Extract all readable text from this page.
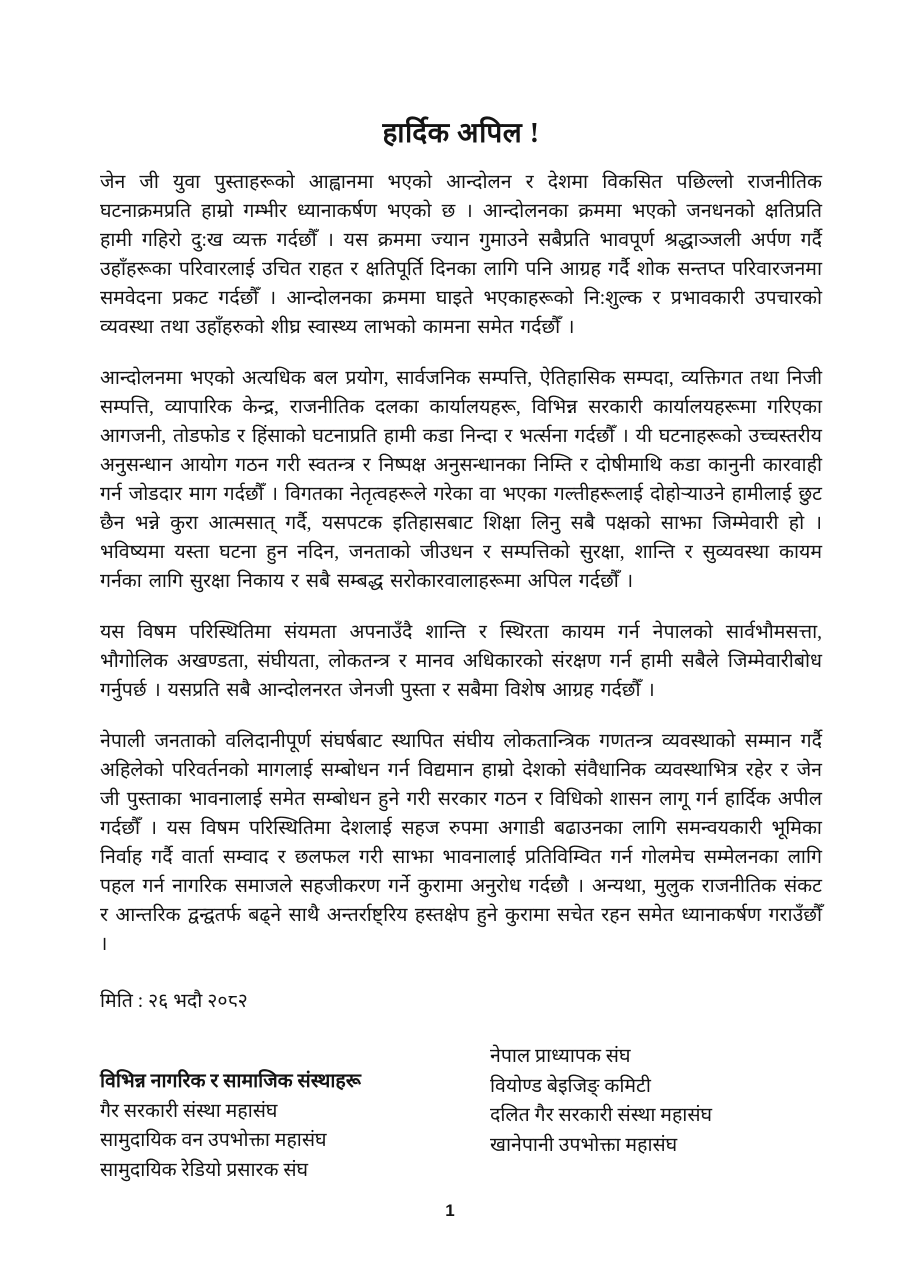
हार्दिक अपिल !

जेन जी युवा पुस्ताहरूको आह्वानमा भएको आन्दोलन र देशमा विकसित पछिल्लो राजनीतिक घटनाक्रमप्रति हाम्रो गम्भीर ध्यानाकर्षण भएको छ । आन्दोलनका क्रममा भएको जनधनको क्षतिप्रति हामी गहिरो दु:ख व्यक्त गर्दछौँ । यस क्रममा ज्यान गुमाउने सबैप्रति भावपूर्ण श्रद्धाञ्जली अर्पण गर्दै उहाँहरूका परिवारलाई उचित राहत र क्षतिपूर्ति दिनका लागि पनि आग्रह गर्दै शोक सन्तप्त परिवारजनमा समवेदना प्रकट गर्दछौँ । आन्दोलनका क्रममा घाइते भएकाहरूको नि:शुल्क र प्रभावकारी उपचारको व्यवस्था तथा उहाँहरुको शीघ्र स्वास्थ्य लाभको कामना समेत गर्दछौँ ।

आन्दोलनमा भएको अत्यधिक बल प्रयोग, सार्वजनिक सम्पत्ति, ऐतिहासिक सम्पदा, व्यक्तिगत तथा निजी सम्पत्ति, व्यापारिक केन्द्र, राजनीतिक दलका कार्यालयहरू, विभिन्न सरकारी कार्यालयहरूमा गरिएका आगजनी, तोडफोड र हिंसाको घटनाप्रति हामी कडा निन्दा र भर्त्सना गर्दछौँ । यी घटनाहरूको उच्चस्तरीय अनुसन्धान आयोग गठन गरी स्वतन्त्र र निष्पक्ष अनुसन्धानका निम्ति र दोषीमाथि कडा कानुनी कारवाही गर्न जोडदार माग गर्दछौँ । विगतका नेतृत्वहरूले गरेका वा भएका गल्तीहरूलाई दोहोऱ्याउने हामीलाई छुट छैन भन्ने कुरा आत्मसात् गर्दै, यसपटक इतिहासबाट शिक्षा लिनु सबै पक्षको साझा जिम्मेवारी हो । भविष्यमा यस्ता घटना हुन नदिन, जनताको जीउधन र सम्पत्तिको सुरक्षा, शान्ति र सुव्यवस्था कायम गर्नका लागि सुरक्षा निकाय र सबै सम्बद्ध सरोकारवालाहरूमा अपिल गर्दछौँ ।

यस विषम परिस्थितिमा संयमता अपनाउँदै शान्ति र स्थिरता कायम गर्न नेपालको सार्वभौमसत्ता, भौगोलिक अखण्डता, संघीयता, लोकतन्त्र र मानव अधिकारको संरक्षण गर्न हामी सबैले जिम्मेवारीबोध गर्नुपर्छ । यसप्रति सबै आन्दोलनरत जेनजी पुस्ता र सबैमा विशेष आग्रह गर्दछौँ ।

नेपाली जनताको वलिदानीपूर्ण संघर्षबाट स्थापित संघीय लोकतान्त्रिक गणतन्त्र व्यवस्थाको सम्मान गर्दै अहिलेको परिवर्तनको मागलाई सम्बोधन गर्न विद्यमान हाम्रो देशको संवैधानिक व्यवस्थाभित्र रहेर र जेन जी पुस्ताका भावनालाई समेत सम्बोधन हुने गरी सरकार गठन र विधिको शासन लागू गर्न हार्दिक अपील गर्दछौँ । यस विषम परिस्थितिमा देशलाई सहज रुपमा अगाडी बढाउनका लागि समन्वयकारी भूमिका निर्वाह गर्दै वार्ता सम्वाद र छलफल गरी साझा भावनालाई प्रतिविम्वित गर्न गोलमेच सम्मेलनका लागि पहल गर्न नागरिक समाजले सहजीकरण गर्ने कुरामा अनुरोध गर्दछौ । अन्यथा, मुलुक राजनीतिक संकट र आन्तरिक द्वन्द्वतर्फ बढ्ने साथै अन्तर्राष्ट्रिय हस्तक्षेप हुने कुरामा सचेत रहन समेत ध्यानाकर्षण गराउँछौँ ।

मिति : २६ भदौ २०८२

विभिन्न नागरिक र सामाजिक संस्थाहरू
गैर सरकारी संस्था महासंघ
सामुदायिक वन उपभोक्ता महासंघ
सामुदायिक रेडियो प्रसारक संघ
नेपाल प्राध्यापक संघ
वियोण्ड बेइजिङ् कमिटी
दलित गैर सरकारी संस्था महासंघ
खानेपानी उपभोक्ता महासंघ
1
